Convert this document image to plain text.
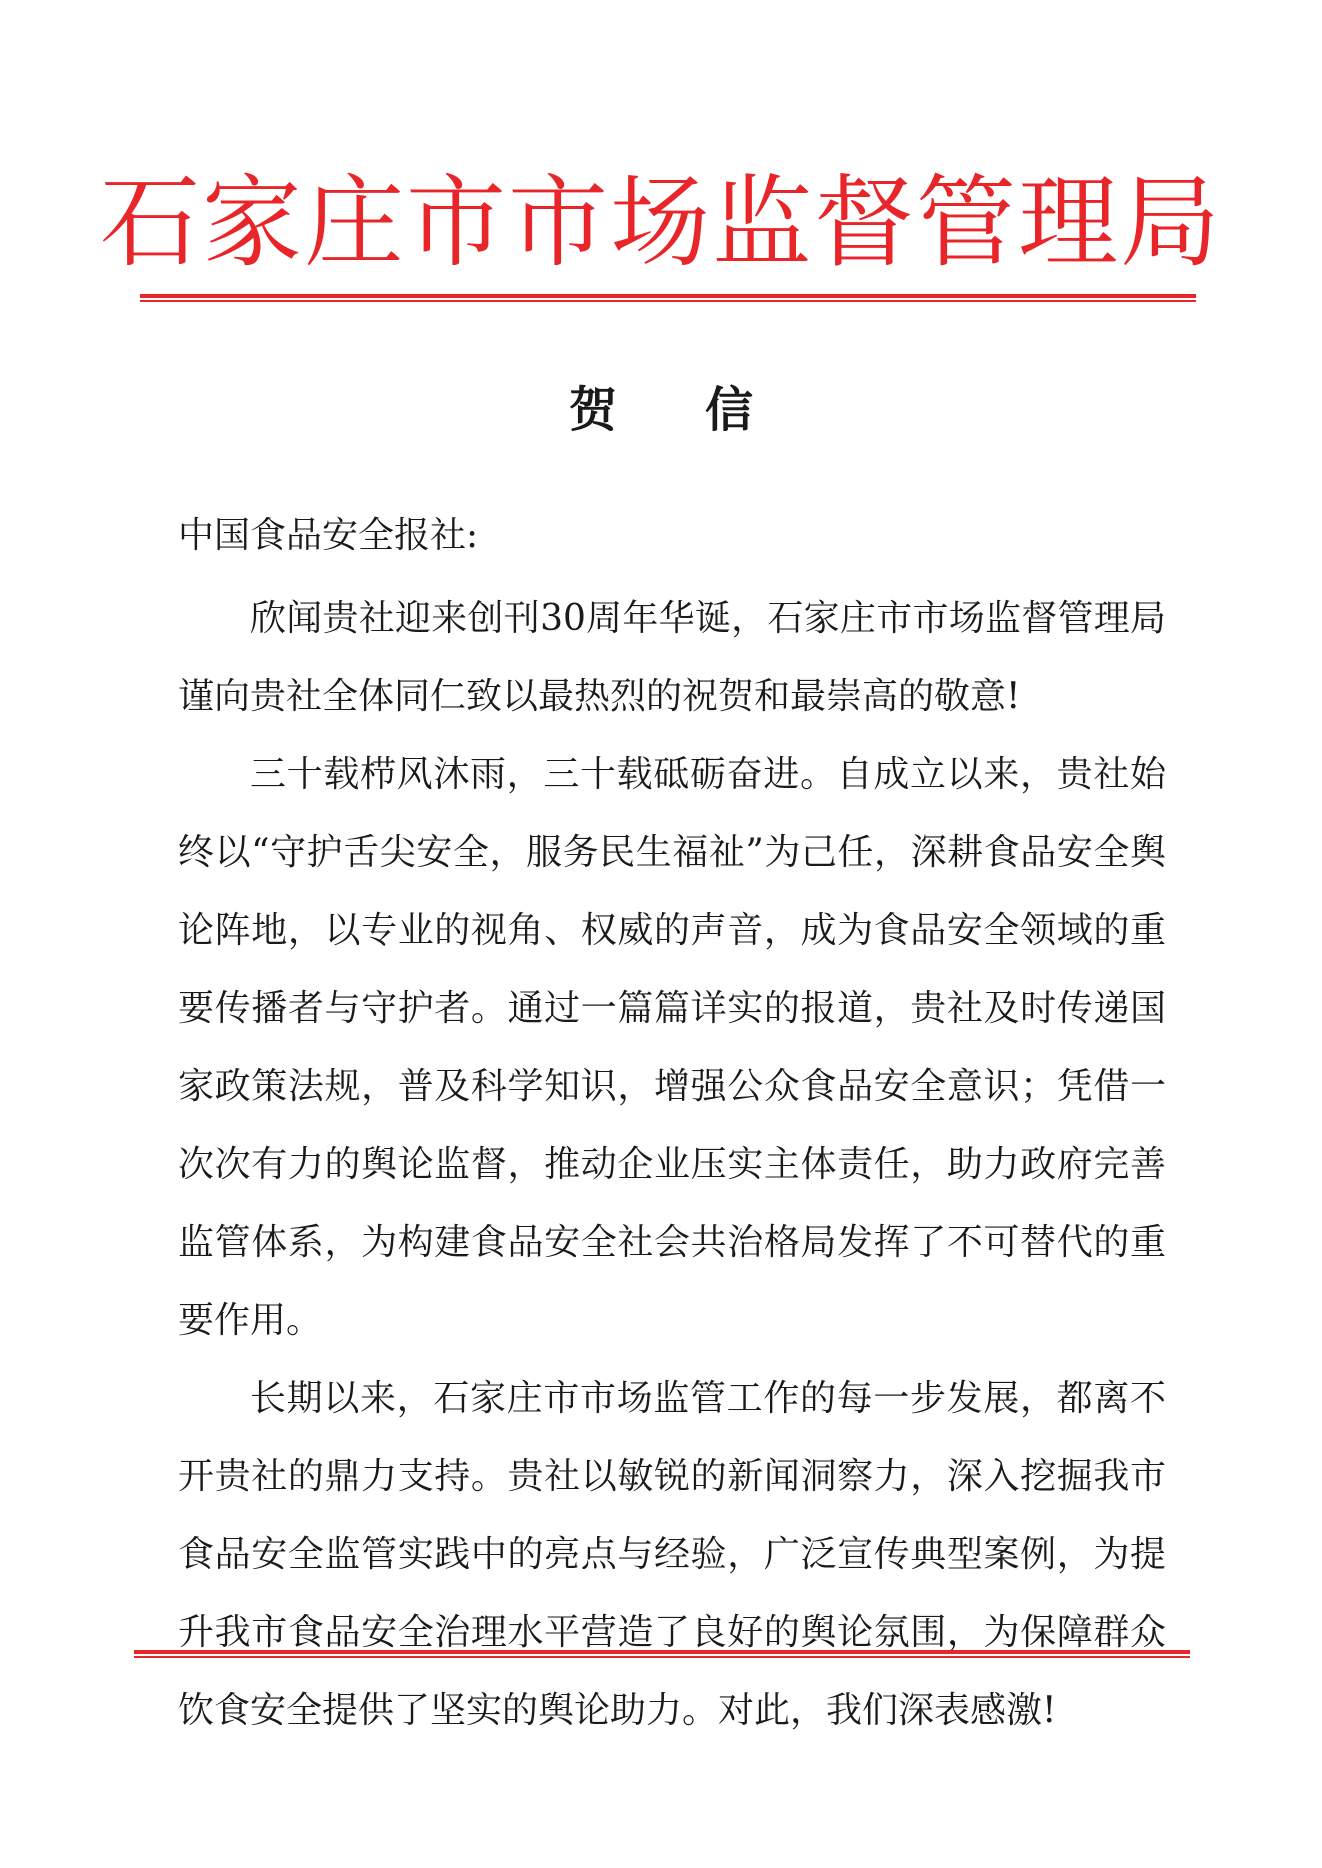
石家庄市市场监督管理局
贺信
中国食品安全报社:

欣闻贵社迎来创刊30周年华诞，石家庄市市场监督管理局谨向贵社全体同仁致以最热烈的祝贺和最崇高的敬意!

三十载栉风沐雨，三十载砥砺奋进。自成立以来，贵社始终以“守护舌尖安全，服务民生福祉”为己任，深耕食品安全舆论阵地，以专业的视角、权威的声音，成为食品安全领域的重要传播者与守护者。通过一篇篇详实的报道，贵社及时传递国家政策法规，普及科学知识，增强公众食品安全意识；凭借一次次有力的舆论监督，推动企业压实主体责任，助力政府完善监管体系，为构建食品安全社会共治格局发挥了不可替代的重要作用。

长期以来，石家庄市市场监管工作的每一步发展，都离不开贵社的鼎力支持。贵社以敏锐的新闻洞察力，深入挖掘我市食品安全监管实践中的亮点与经验，广泛宣传典型案例，为提升我市食品安全治理水平营造了良好的舆论氛围，为保障群众饮食安全提供了坚实的舆论助力。对此，我们深表感激!
